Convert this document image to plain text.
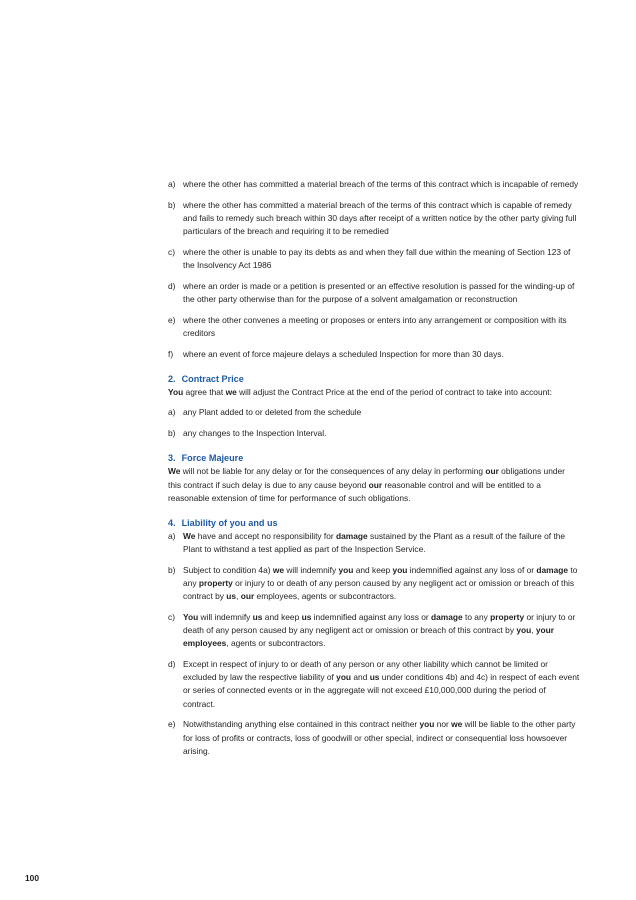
a) where the other has committed a material breach of the terms of this contract which is incapable of remedy
b) where the other has committed a material breach of the terms of this contract which is capable of remedy and fails to remedy such breach within 30 days after receipt of a written notice by the other party giving full particulars of the breach and requiring it to be remedied
c) where the other is unable to pay its debts as and when they fall due within the meaning of Section 123 of the Insolvency Act 1986
d) where an order is made or a petition is presented or an effective resolution is passed for the winding-up of the other party otherwise than for the purpose of a solvent amalgamation or reconstruction
e) where the other convenes a meeting or proposes or enters into any arrangement or composition with its creditors
f) where an event of force majeure delays a scheduled Inspection for more than 30 days.
2. Contract Price
You agree that we will adjust the Contract Price at the end of the period of contract to take into account:
a) any Plant added to or deleted from the schedule
b) any changes to the Inspection Interval.
3. Force Majeure
We will not be liable for any delay or for the consequences of any delay in performing our obligations under this contract if such delay is due to any cause beyond our reasonable control and will be entitled to a reasonable extension of time for performance of such obligations.
4. Liability of you and us
a) We have and accept no responsibility for damage sustained by the Plant as a result of the failure of the Plant to withstand a test applied as part of the Inspection Service.
b) Subject to condition 4a) we will indemnify you and keep you indemnified against any loss of or damage to any property or injury to or death of any person caused by any negligent act or omission or breach of this contract by us, our employees, agents or subcontractors.
c) You will indemnify us and keep us indemnified against any loss or damage to any property or injury to or death of any person caused by any negligent act or omission or breach of this contract by you, your employees, agents or subcontractors.
d) Except in respect of injury to or death of any person or any other liability which cannot be limited or excluded by law the respective liability of you and us under conditions 4b) and 4c) in respect of each event or series of connected events or in the aggregate will not exceed £10,000,000 during the period of contract.
e) Notwithstanding anything else contained in this contract neither you nor we will be liable to the other party for loss of profits or contracts, loss of goodwill or other special, indirect or consequential loss howsoever arising.
100
